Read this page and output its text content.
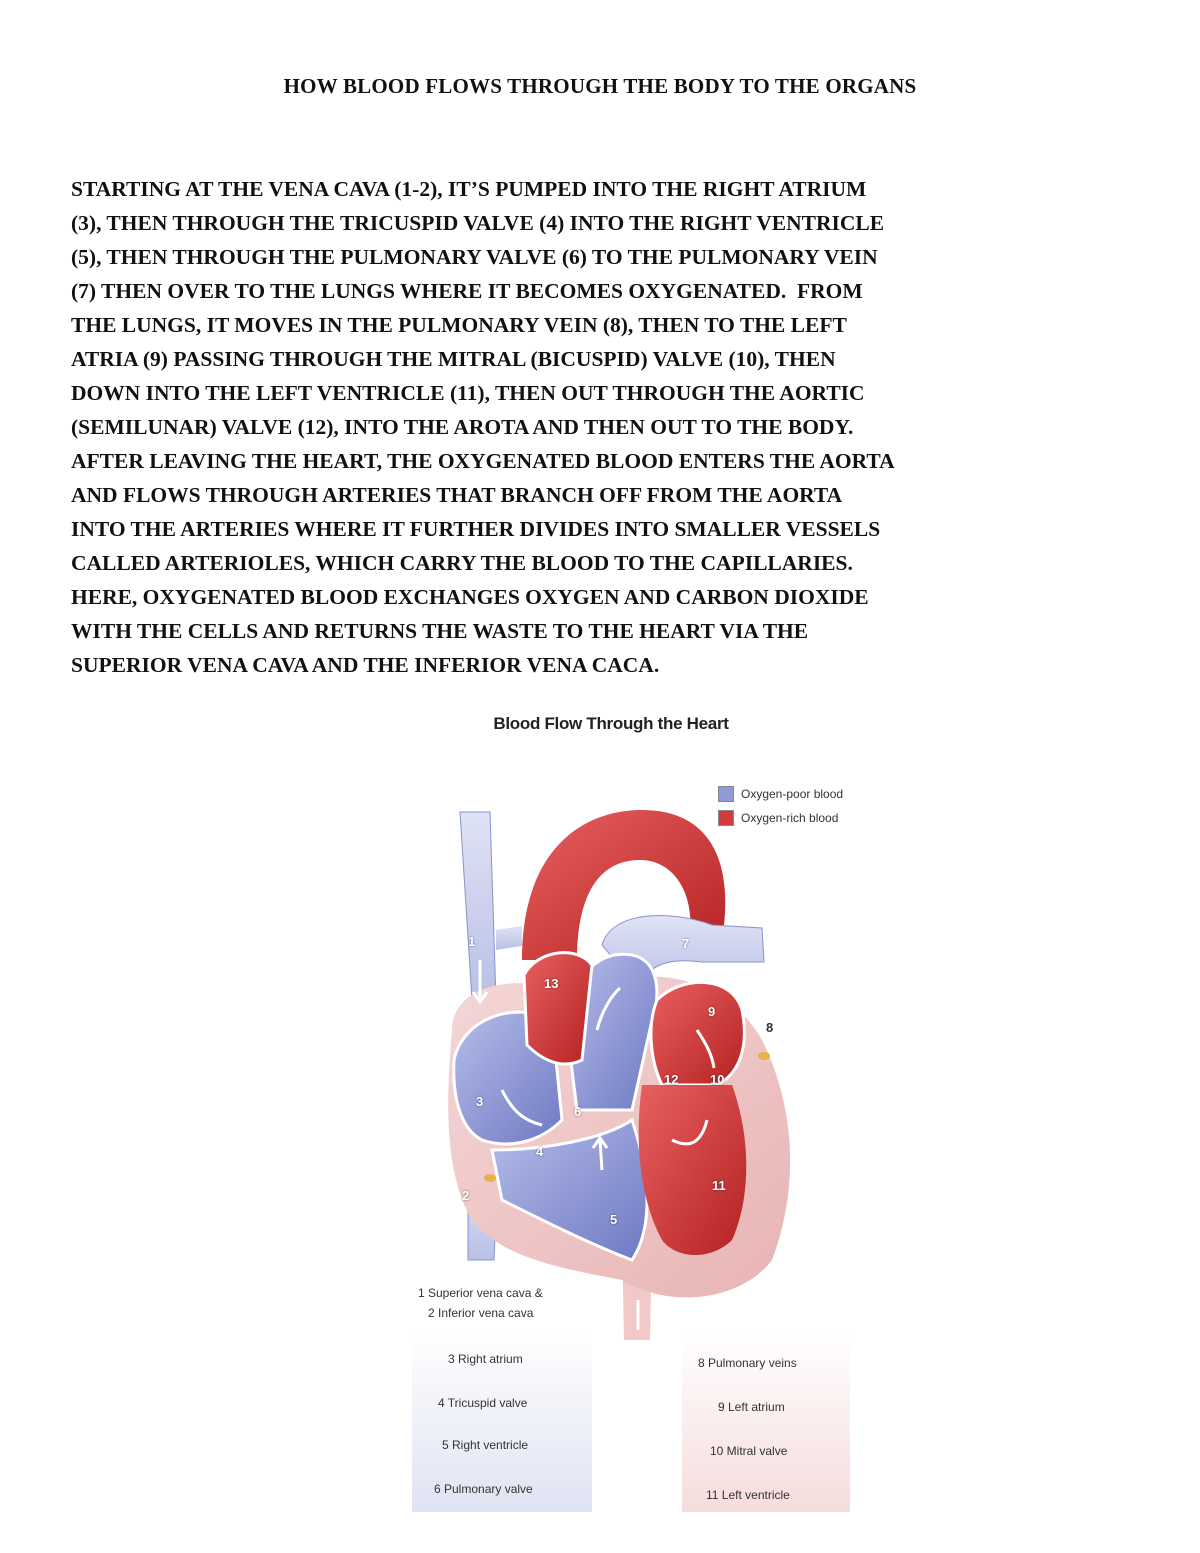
HOW BLOOD FLOWS THROUGH THE BODY TO THE ORGANS

STARTING AT THE VENA CAVA (1-2), IT’S PUMPED INTO THE RIGHT ATRIUM
(3), THEN THROUGH THE TRICUSPID VALVE (4) INTO THE RIGHT VENTRICLE
(5), THEN THROUGH THE PULMONARY VALVE (6) TO THE PULMONARY VEIN
(7) THEN OVER TO THE LUNGS WHERE IT BECOMES OXYGENATED.  FROM
THE LUNGS, IT MOVES IN THE PULMONARY VEIN (8), THEN TO THE LEFT
ATRIA (9) PASSING THROUGH THE MITRAL (BICUSPID) VALVE (10), THEN
DOWN INTO THE LEFT VENTRICLE (11), THEN OUT THROUGH THE AORTIC
(SEMILUNAR) VALVE (12), INTO THE AROTA AND THEN OUT TO THE BODY.
AFTER LEAVING THE HEART, THE OXYGENATED BLOOD ENTERS THE AORTA
AND FLOWS THROUGH ARTERIES THAT BRANCH OFF FROM THE AORTA
INTO THE ARTERIES WHERE IT FURTHER DIVIDES INTO SMALLER VESSELS
CALLED ARTERIOLES, WHICH CARRY THE BLOOD TO THE CAPILLARIES.
HERE, OXYGENATED BLOOD EXCHANGES OXYGEN AND CARBON DIOXIDE
WITH THE CELLS AND RETURNS THE WASTE TO THE HEART VIA THE
SUPERIOR VENA CAVA AND THE INFERIOR VENA CACA.

Blood Flow Through the Heart
Oxygen-poor blood
Oxygen-rich blood
1
2
3
4
5
6
7
8
9
10
11
12
13
1 Superior vena cava &
2 Inferior vena cava
3 Right atrium
4 Tricuspid valve
5 Right ventricle
6 Pulmonary valve
8 Pulmonary veins
9 Left atrium
10 Mitral valve
11 Left ventricle
